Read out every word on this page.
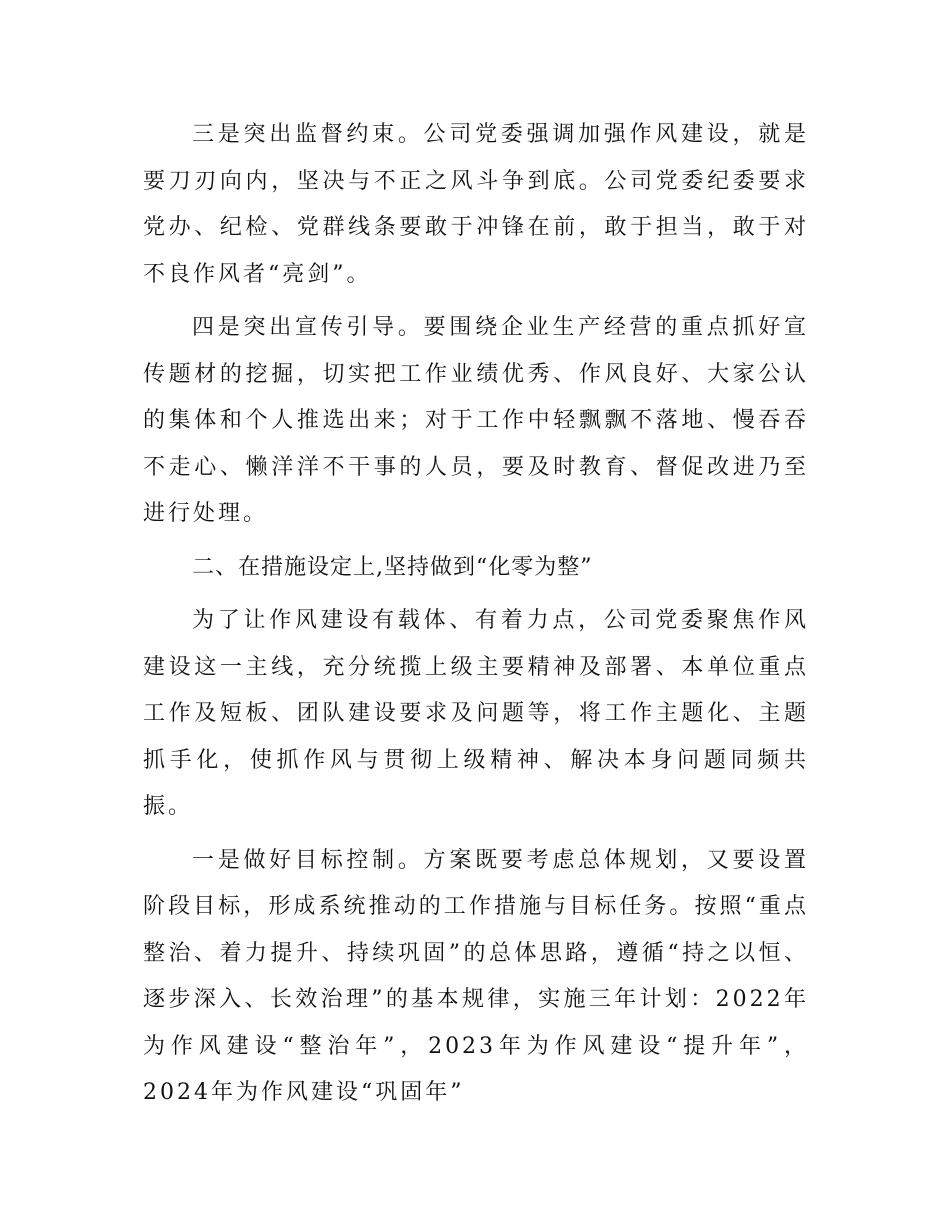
三是突出监督约束。公司党委强调加强作风建设，就是要刀刃向内，坚决与不正之风斗争到底。公司党委纪委要求党办、纪检、党群线条要敢于冲锋在前，敢于担当，敢于对不良作风者“亮剑”。

四是突出宣传引导。要围绕企业生产经营的重点抓好宣传题材的挖掘，切实把工作业绩优秀、作风良好、大家公认的集体和个人推选出来；对于工作中轻飘飘不落地、慢吞吞不走心、懒洋洋不干事的人员，要及时教育、督促改进乃至进行处理。

二、在措施设定上,坚持做到“化零为整”

为了让作风建设有载体、有着力点，公司党委聚焦作风建设这一主线，充分统揽上级主要精神及部署、本单位重点工作及短板、团队建设要求及问题等，将工作主题化、主题抓手化，使抓作风与贯彻上级精神、解决本身问题同频共振。

一是做好目标控制。方案既要考虑总体规划，又要设置阶段目标，形成系统推动的工作措施与目标任务。按照“重点整治、着力提升、持续巩固”的总体思路，遵循“持之以恒、逐步深入、长效治理”的基本规律，实施三年计划：2022年为作风建设“整治年”，2023年为作风建设“提升年”，2024年为作风建设“巩固年”
